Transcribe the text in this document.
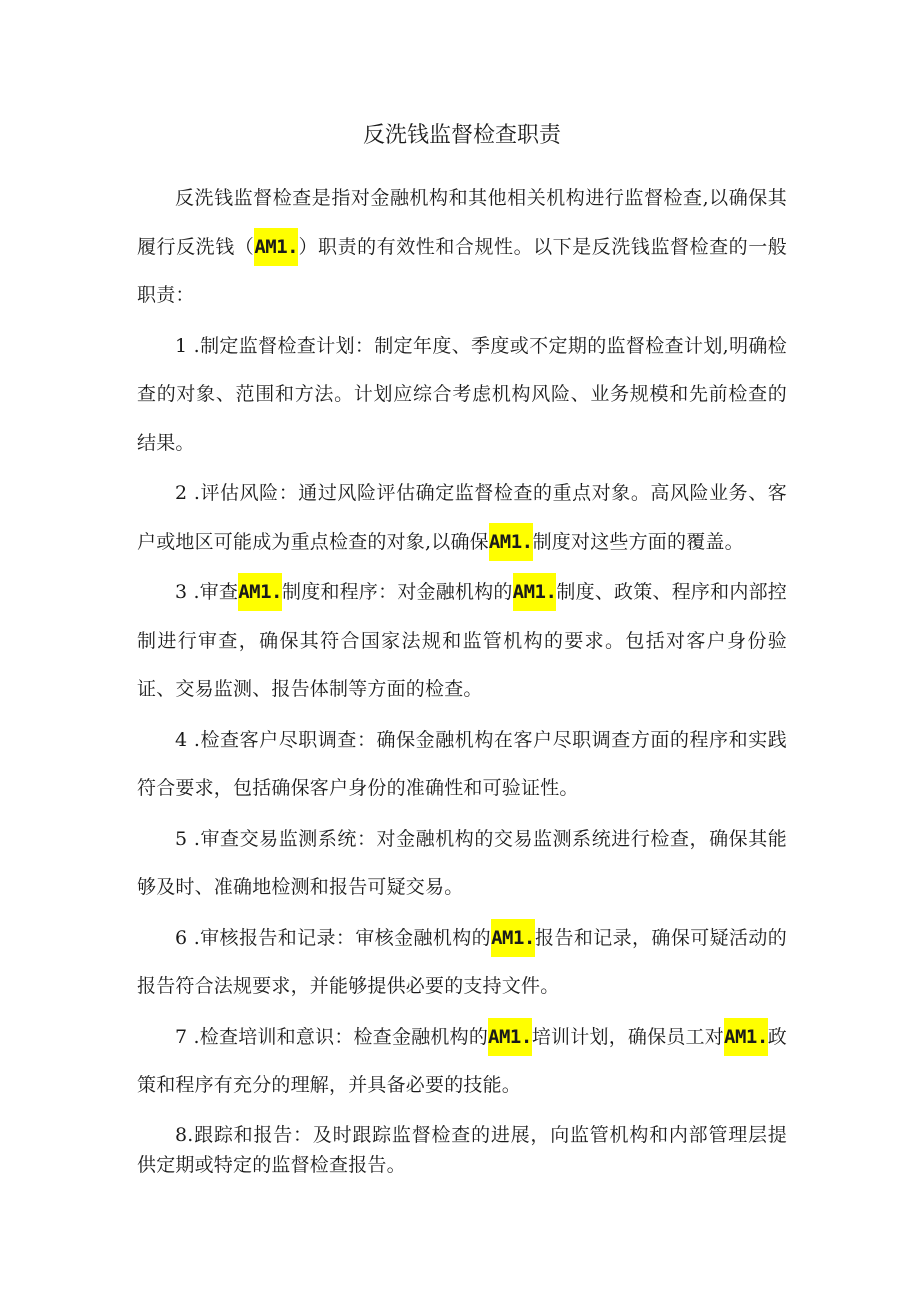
反洗钱监督检查职责

反洗钱监督检查是指对金融机构和其他相关机构进行监督检查,以确保其履行反洗钱（AM1.）职责的有效性和合规性。以下是反洗钱监督检查的一般职责：

1 .制定监督检查计划：制定年度、季度或不定期的监督检查计划,明确检查的对象、范围和方法。计划应综合考虑机构风险、业务规模和先前检查的结果。

2 .评估风险：通过风险评估确定监督检查的重点对象。高风险业务、客户或地区可能成为重点检查的对象,以确保AM1.制度对这些方面的覆盖。

3 .审查AM1.制度和程序：对金融机构的AM1.制度、政策、程序和内部控制进行审查，确保其符合国家法规和监管机构的要求。包括对客户身份验证、交易监测、报告体制等方面的检查。

4 .检查客户尽职调查：确保金融机构在客户尽职调查方面的程序和实践符合要求，包括确保客户身份的准确性和可验证性。

5 .审查交易监测系统：对金融机构的交易监测系统进行检查，确保其能够及时、准确地检测和报告可疑交易。

6 .审核报告和记录：审核金融机构的AM1.报告和记录，确保可疑活动的报告符合法规要求，并能够提供必要的支持文件。

7 .检查培训和意识：检查金融机构的AM1.培训计划，确保员工对AM1.政策和程序有充分的理解，并具备必要的技能。

8.跟踪和报告：及时跟踪监督检查的进展，向监管机构和内部管理层提供定期或特定的监督检查报告。
